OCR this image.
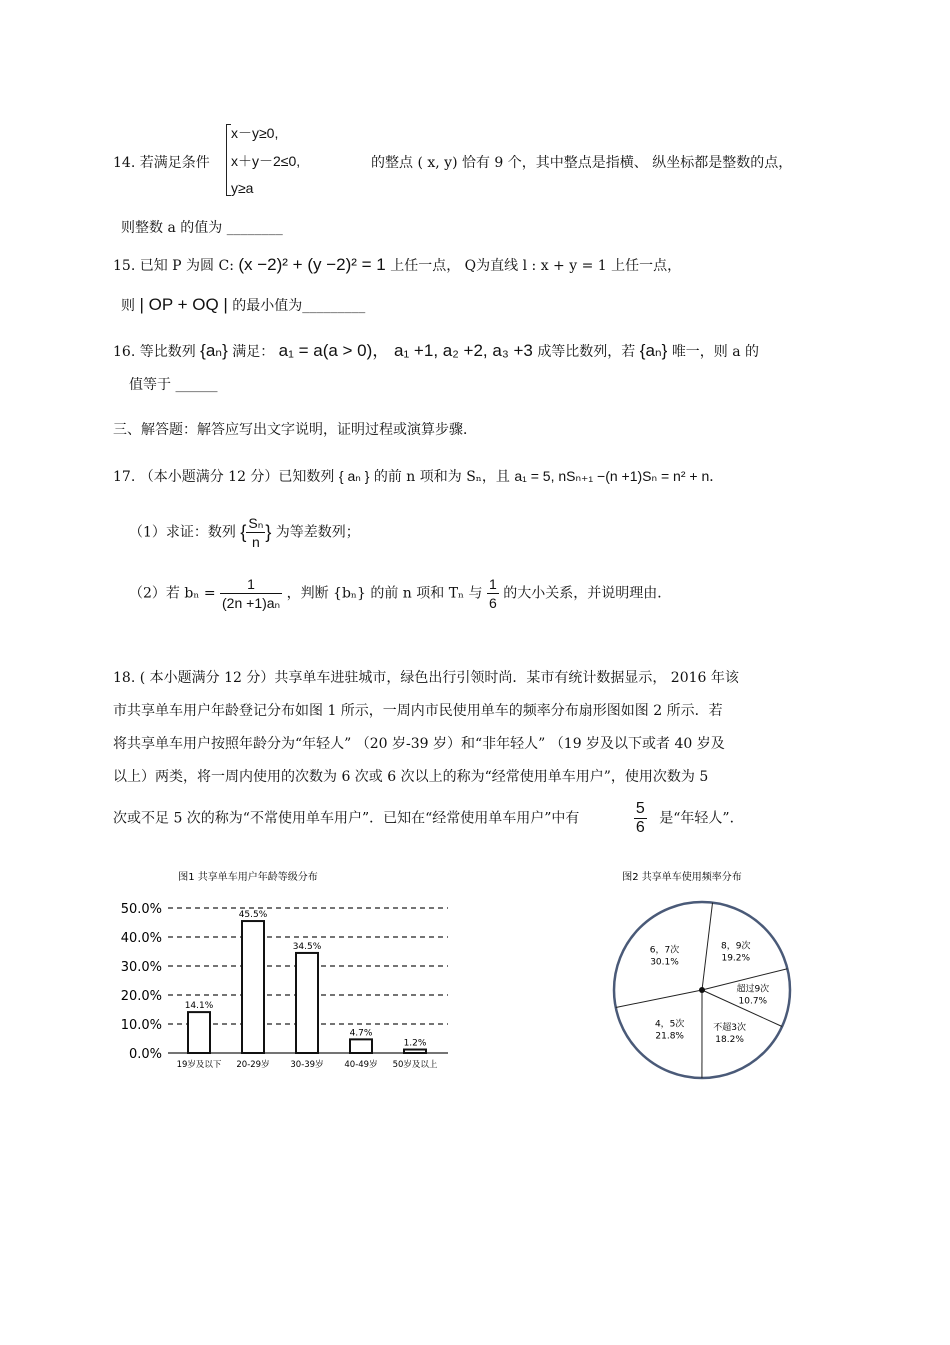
x－y≥0,
x＋y－2≤0,
y≥a
14. 若满足条件	的整点 ( x, y) 恰有 9 个，其中整点是指横、 纵坐标都是整数的点，
则整数 a 的值为 ________
15. 已知 P 为圆 C: (x −2)² + (y −2)² = 1 上任一点， Q为直线 l : x + y = 1 上任一点，
则 | OP + OQ | 的最小值为_________
16. 等比数列 {aₙ} 满足： a₁ = a(a > 0)， a₁ +1, a₂ +2, a₃ +3 成等比数列，若 {aₙ} 唯一，则 a 的
值等于 ______
三、解答题：解答应写出文字说明，证明过程或演算步骤．
17. （本小题满分 12 分）已知数列 { aₙ } 的前 n 项和为 Sₙ，且 a₁ = 5, nSₙ₊₁ −(n +1)Sₙ = n² + n．
（1）求证：数列 { $\frac{\text{Sₙ}}{n}$ } 为等差数列；
（2）若 $b_n = \frac{1}{\text{(2n +1)aₙ}}$ ，判断 {bₙ} 的前 n 项和 Tₙ 与 $\frac{1}{6}$ 的大小关系，并说明理由．
18. ( 本小题满分 12 分）共享单车进驻城市，绿色出行引领时尚．某市有统计数据显示， 2016 年该
市共享单车用户年龄登记分布如图 1 所示，一周内市民使用单车的频率分布扇形图如图 2 所示．若
将共享单车用户按照年龄分为“年轻人” （20 岁-39 岁）和“非年轻人” （19 岁及以下或者 40 岁及
以上）两类，将一周内使用的次数为 6 次或 6 次以上的称为“经常使用单车用户”，使用次数为 5
次或不足 5 次的称为“不常使用单车用户”．已知在“经常使用单车用户”中有	$\frac{5}{6}$ 是“年轻人”．
图1 共享单车用户年龄等级分布
0.0%
10.0%
20.0%
30.0%
40.0%
50.0%
14.1%
45.5%
34.5%
4.7%
1.2%
19岁及以下 20-29岁 30-39岁 40-49岁 50岁及以上
图2 共享单车使用频率分布
8，9次
19.2%
超过9次
10.7%
不超3次
18.2%
4，5次
21.8%
6，7次
30.1%
